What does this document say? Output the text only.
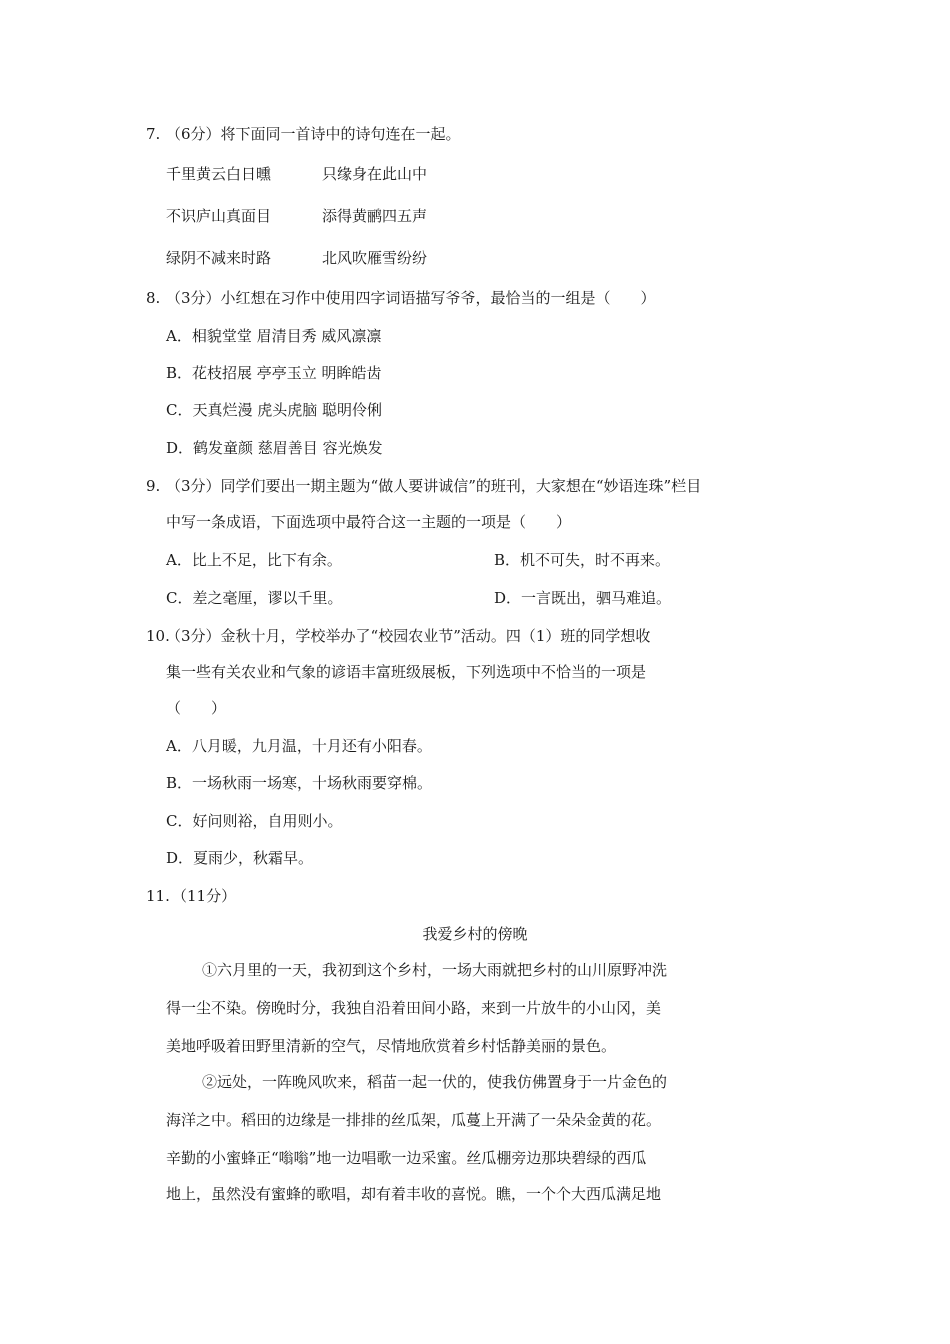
7. （6分）将下面同一首诗中的诗句连在一起。
千里黄云白日曛	只缘身在此山中
不识庐山真面目	添得黄鹂四五声
绿阴不减来时路	北风吹雁雪纷纷
8. （3分）小红想在习作中使用四字词语描写爷爷，最恰当的一组是（　　）
A．相貌堂堂 眉清目秀 威风凛凛
B．花枝招展 亭亭玉立 明眸皓齿
C．天真烂漫 虎头虎脑 聪明伶俐
D．鹤发童颜 慈眉善目 容光焕发
9. （3分）同学们要出一期主题为“做人要讲诚信”的班刊，大家想在“妙语连珠”栏目
中写一条成语，下面选项中最符合这一主题的一项是（　　）
A．比上不足，比下有余。	B．机不可失，时不再来。
C．差之毫厘，谬以千里。	D．一言既出，驷马难追。
10.
（3分）金秋十月，学校举办了“校园农业节”活动。四（1）班的同学想收
集一些有关农业和气象的谚语丰富班级展板，下列选项中不恰当的一项是
（　　）
A．八月暖，九月温，十月还有小阳春。
B．一场秋雨一场寒，十场秋雨要穿棉。
C．好问则裕，自用则小。
D．夏雨少，秋霜早。
11. （11分）
我爱乡村的傍晚
①六月里的一天，我初到这个乡村，一场大雨就把乡村的山川原野冲洗
得一尘不染。傍晚时分，我独自沿着田间小路，来到一片放牛的小山冈，美
美地呼吸着田野里清新的空气，尽情地欣赏着乡村恬静美丽的景色。
②远处，一阵晚风吹来，稻苗一起一伏的，使我仿佛置身于一片金色的
海洋之中。稻田的边缘是一排排的丝瓜架，瓜蔓上开满了一朵朵金黄的花。
辛勤的小蜜蜂正“嗡嗡”地一边唱歌一边采蜜。丝瓜棚旁边那块碧绿的西瓜
地上，虽然没有蜜蜂的歌唱，却有着丰收的喜悦。瞧，一个个大西瓜满足地
